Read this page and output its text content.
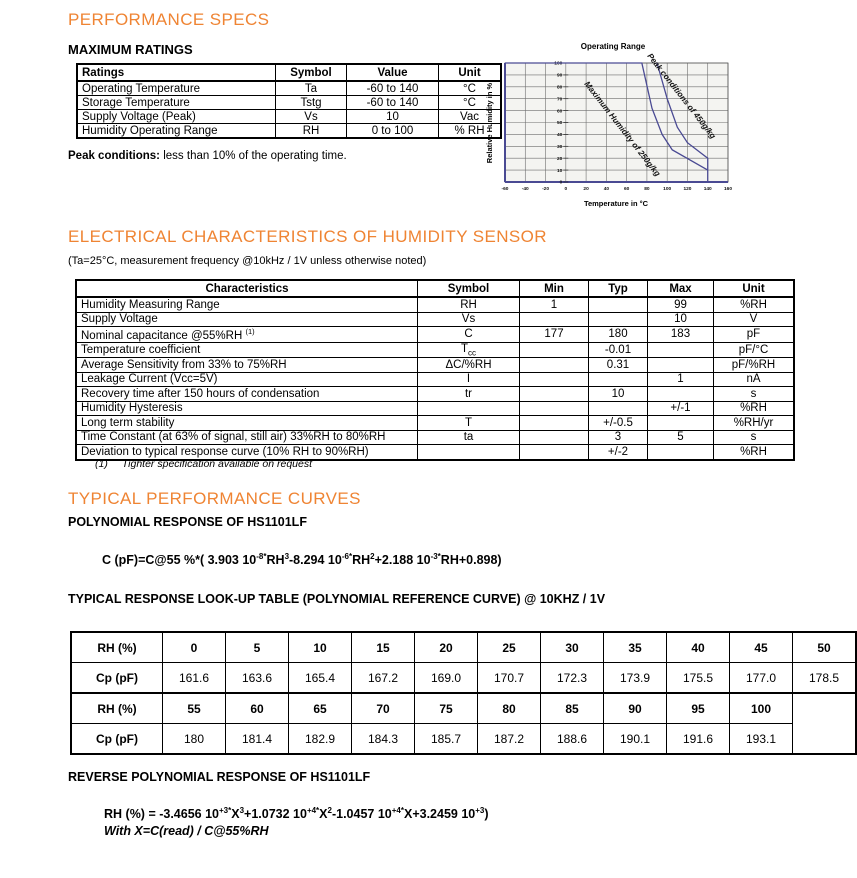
PERFORMANCE SPECS
MAXIMUM RATINGS
Ratings	Symbol	Value	Unit
Operating Temperature	Ta	-60 to 140	°C
Storage Temperature	Tstg	-60 to 140	°C
Supply Voltage (Peak)	Vs	10	Vac
Humidity Operating Range	RH	0 to 100	% RH
Peak conditions: less than 10% of the operating time.
Operating Range
0
10
20
30
40
50
60
70
80
90
100
-60	-40	-20	0	20	40	60	80	100	120	140	160
Temperature in °C
Relative Humidity in %	Maximum Humidity of 250g/kg
Peak conditions of 450g/kg
ELECTRICAL CHARACTERISTICS OF HUMIDITY SENSOR
(Ta=25°C, measurement frequency @10kHz / 1V unless otherwise noted)
Characteristics	Symbol	Min	Typ	Max	Unit
Humidity Measuring Range	RH	1		99	%RH
Supply Voltage	Vs			10	V
Nominal capacitance @55%RH $^{(1)}$	C	177	180	183	pF
Temperature coefficient	$T_{cc}$		-0.01		pF/°C
Average Sensitivity from 33% to 75%RH	ΔC/%RH		0.31		pF/%RH
Leakage Current (Vcc=5V)	I			1	nA
Recovery time after 150 hours of condensation	tr		10		s
Humidity Hysteresis				+/-1	%RH
Long term stability	T		+/-0.5		%RH/yr
Time Constant (at 63% of signal, still air) 33%RH to 80%RH	ta		3	5	s
Deviation to typical response curve (10% RH to 90%RH)			+/-2		%RH
(1) Tighter specification available on request
TYPICAL PERFORMANCE CURVES
POLYNOMIAL RESPONSE OF HS1101LF
C (pF)=C@55 %*( 3.903 $10^{-8*}RH^3-8.294$ $10^{-6*}RH^2+2.188$ $10^{-3*}RH+0.898$)
TYPICAL RESPONSE LOOK-UP TABLE (POLYNOMIAL REFERENCE CURVE) @ 10KHZ / 1V
RH (%)	0	5	10	15	20	25	30	35	40	45	50
Cp (pF)	161.6	163.6	165.4	167.2	169.0	170.7	172.3	173.9	175.5	177.0	178.5
RH (%)	55	60	65	70	75	80	85	90	95	100	
Cp (pF)	180	181.4	182.9	184.3	185.7	187.2	188.6	190.1	191.6	193.1	
REVERSE POLYNOMIAL RESPONSE OF HS1101LF
RH (%) = -3.4656 $10^{+3*}X^3+1.0732$ $10^{+4*}X^2-1.0457$ $10^{+4*}X+3.2459$ $10^{+3}$)
With X=C(read) / C@55%RH
